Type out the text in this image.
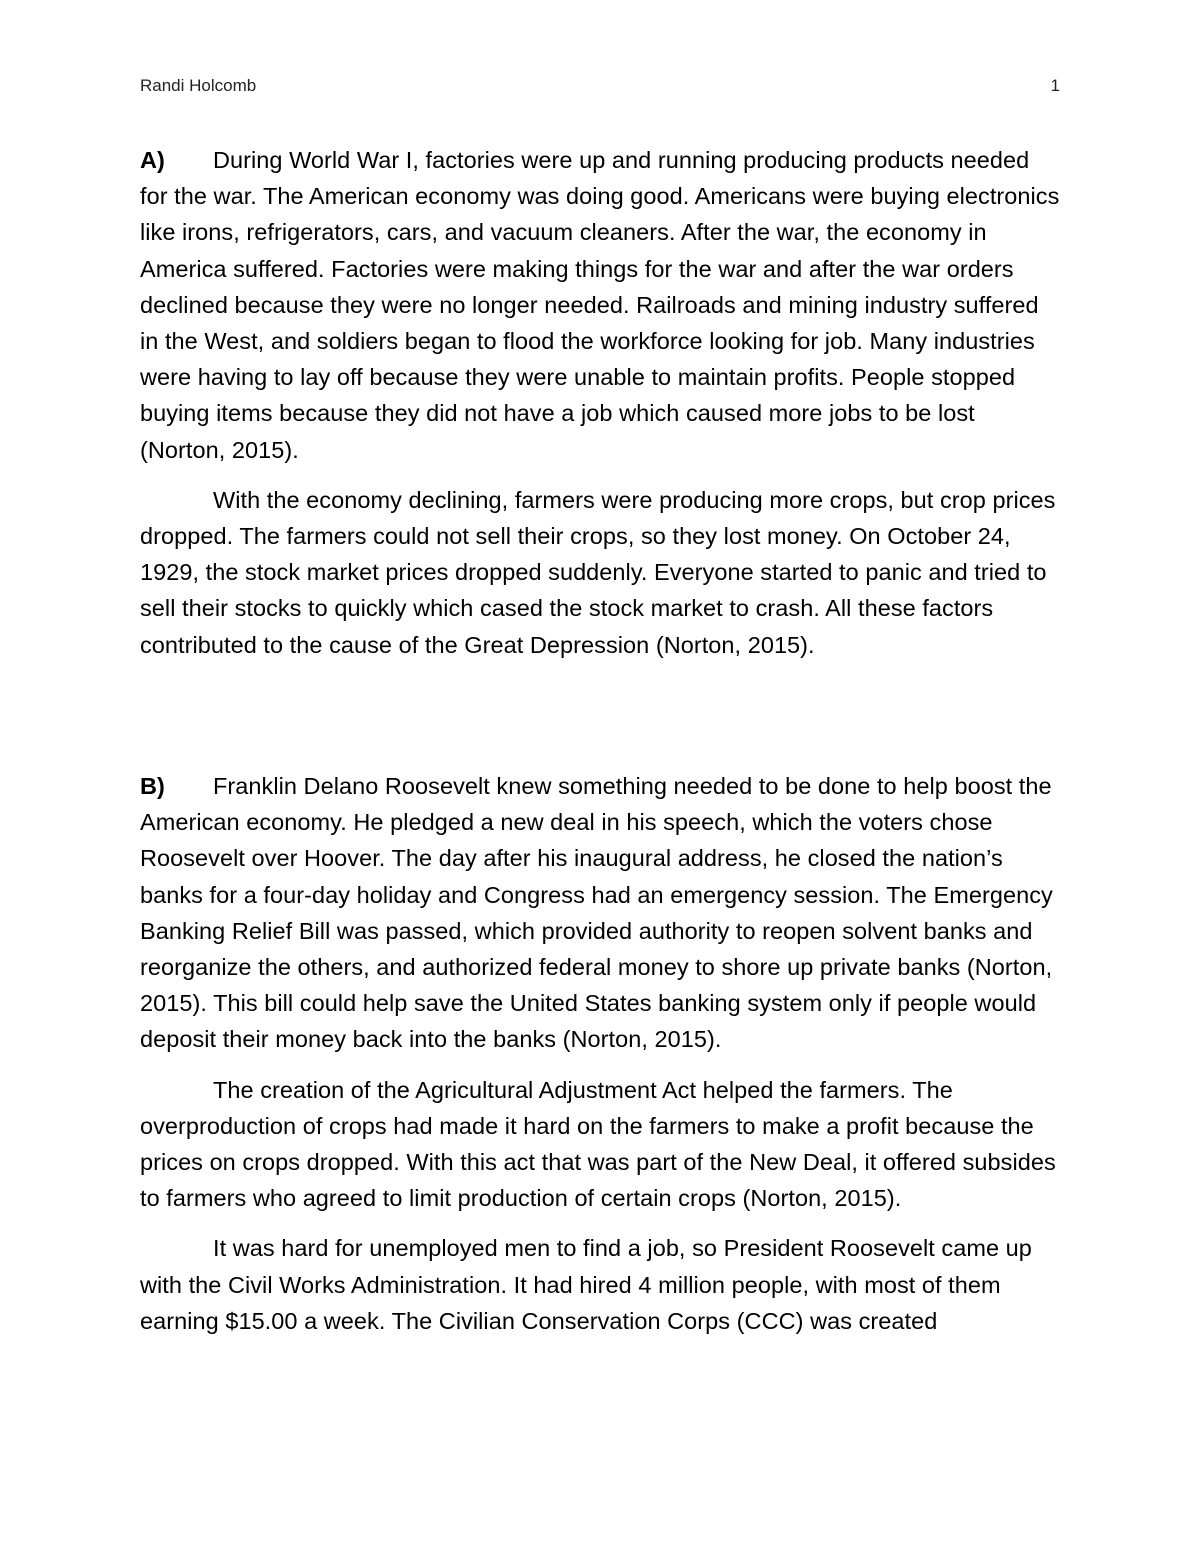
Randi Holcomb	1

A) During World War I, factories were up and running producing products needed for the war. The American economy was doing good. Americans were buying electronics like irons, refrigerators, cars, and vacuum cleaners. After the war, the economy in America suffered. Factories were making things for the war and after the war orders declined because they were no longer needed. Railroads and mining industry suffered in the West, and soldiers began to flood the workforce looking for job. Many industries were having to lay off because they were unable to maintain profits. People stopped buying items because they did not have a job which caused more jobs to be lost (Norton, 2015).

With the economy declining, farmers were producing more crops, but crop prices dropped. The farmers could not sell their crops, so they lost money. On October 24, 1929, the stock market prices dropped suddenly. Everyone started to panic and tried to sell their stocks to quickly which cased the stock market to crash. All these factors contributed to the cause of the Great Depression (Norton, 2015).

B) Franklin Delano Roosevelt knew something needed to be done to help boost the American economy. He pledged a new deal in his speech, which the voters chose Roosevelt over Hoover. The day after his inaugural address, he closed the nation’s banks for a four-day holiday and Congress had an emergency session. The Emergency Banking Relief Bill was passed, which provided authority to reopen solvent banks and reorganize the others, and authorized federal money to shore up private banks (Norton, 2015). This bill could help save the United States banking system only if people would deposit their money back into the banks (Norton, 2015).

The creation of the Agricultural Adjustment Act helped the farmers. The overproduction of crops had made it hard on the farmers to make a profit because the prices on crops dropped. With this act that was part of the New Deal, it offered subsides to farmers who agreed to limit production of certain crops (Norton, 2015).

It was hard for unemployed men to find a job, so President Roosevelt came up with the Civil Works Administration. It had hired 4 million people, with most of them earning $15.00 a week. The Civilian Conservation Corps (CCC) was created
